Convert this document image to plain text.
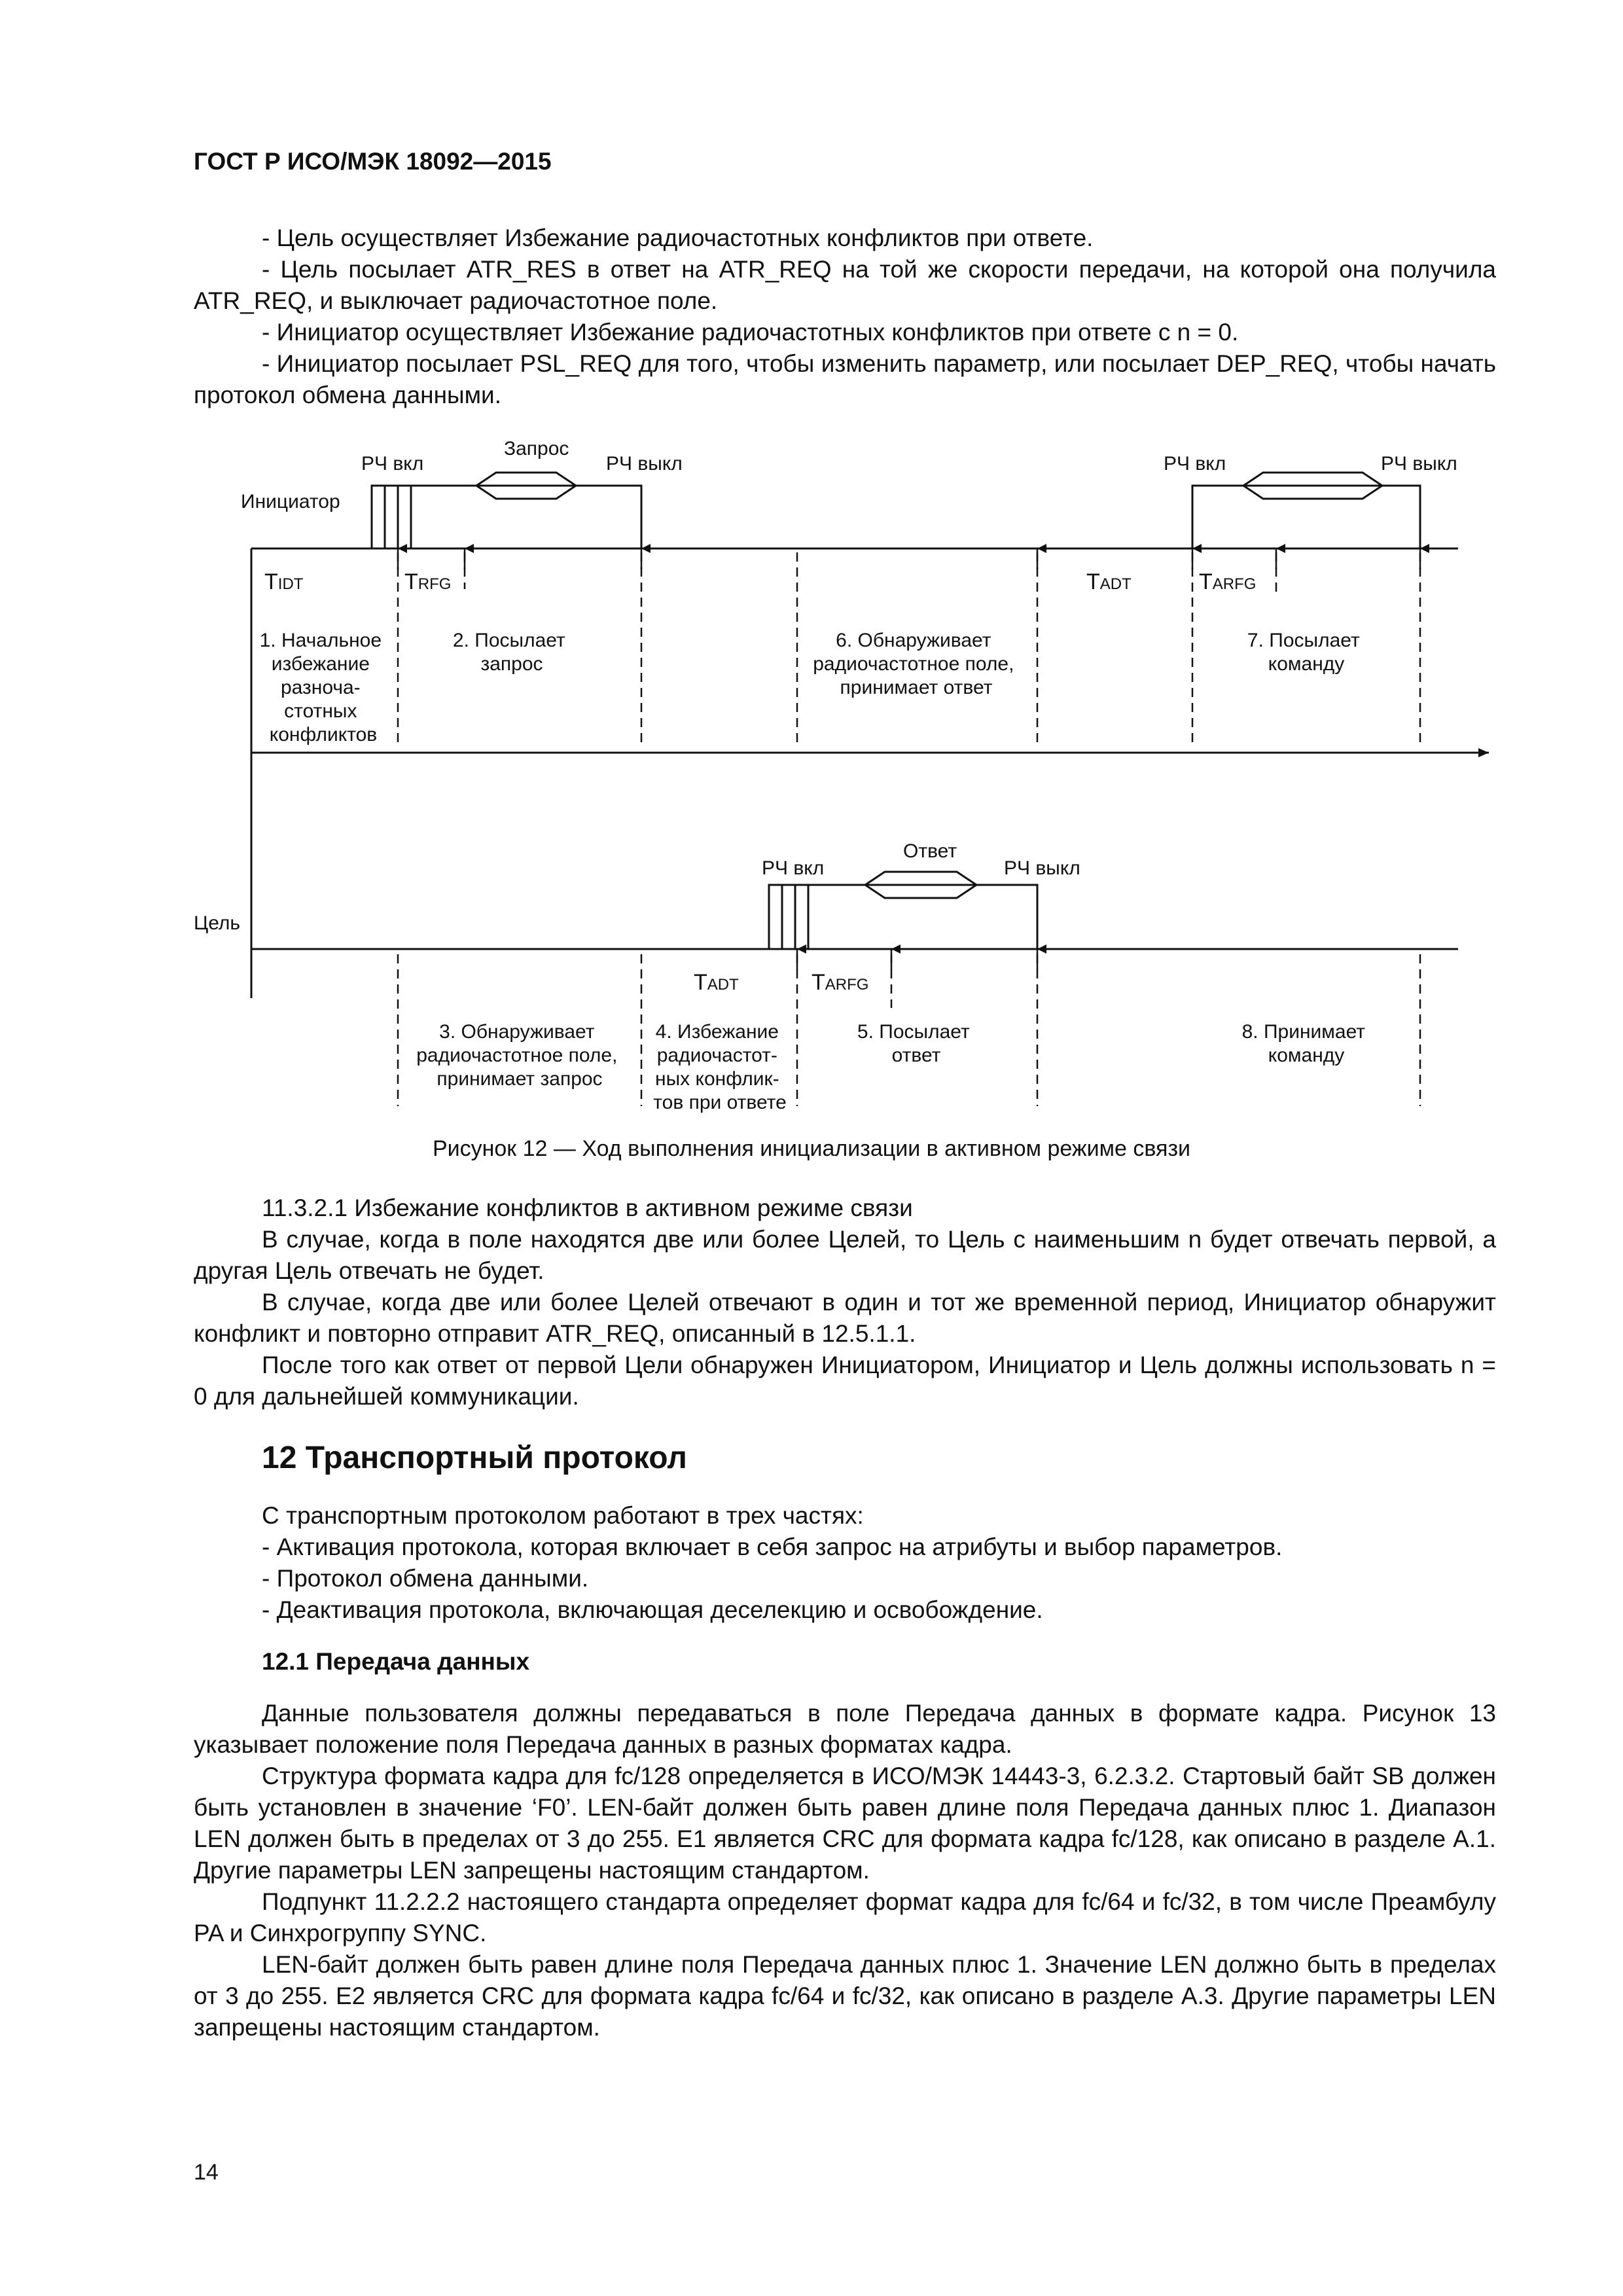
ГОСТ Р ИСО/МЭК 18092—2015

- Цель осуществляет Избежание радиочастотных конфликтов при ответе.

- Цель посылает ATR_RES в ответ на ATR_REQ на той же скорости передачи, на которой она получила ATR_REQ, и выключает радиочастотное поле.

- Инициатор осуществляет Избежание радиочастотных конфликтов при ответе с n = 0.

- Инициатор посылает PSL_REQ для того, чтобы изменить параметр, или посылает DEP_REQ, чтобы начать протокол обмена данными.

Инициатор
Цель
РЧ вкл
Запрос
РЧ выкл	РЧ вкл	РЧ выкл
РЧ вкл
Ответ
РЧ выкл
TIDT	TRFG	TADT	TARFG
TADT	TARFG
1. Начальное избежание разноча- стотных конфликтов
2. Посылает запрос
6. Обнаруживает радиочастотное поле, принимает ответ
7. Посылает команду
3. Обнаруживает радиочастотное поле, принимает запрос
4. Избежание радиочастот- ных конфлик- тов при ответе
5. Посылает ответ
8. Принимает команду
Рисунок 12 — Ход выполнения инициализации в активном режиме связи

11.3.2.1 Избежание конфликтов в активном режиме связи

В случае, когда в поле находятся две или более Целей, то Цель с наименьшим n будет отвечать первой, а другая Цель отвечать не будет.

В случае, когда две или более Целей отвечают в один и тот же временной период, Инициатор обнаружит конфликт и повторно отправит ATR_REQ, описанный в 12.5.1.1.

После того как ответ от первой Цели обнаружен Инициатором, Инициатор и Цель должны использовать n = 0 для дальнейшей коммуникации.

12 Транспортный протокол

С транспортным протоколом работают в трех частях:

- Активация протокола, которая включает в себя запрос на атрибуты и выбор параметров.

- Протокол обмена данными.

- Деактивация протокола, включающая деселекцию и освобождение.

12.1 Передача данных

Данные пользователя должны передаваться в поле Передача данных в формате кадра. Рисунок 13 указывает положение поля Передача данных в разных форматах кадра.

Структура формата кадра для fc/128 определяется в ИСО/МЭК 14443-3, 6.2.3.2. Стартовый байт SB должен быть установлен в значение ‘F0’. LEN-байт должен быть равен длине поля Передача данных плюс 1. Диапазон LEN должен быть в пределах от 3 до 255. E1 является CRC для формата кадра fc/128, как описано в разделе A.1. Другие параметры LEN запрещены настоящим стандартом.

Подпункт 11.2.2.2 настоящего стандарта определяет формат кадра для fc/64 и fc/32, в том числе Преамбулу PA и Синхрогруппу SYNC.

LEN-байт должен быть равен длине поля Передача данных плюс 1. Значение LEN должно быть в пределах от 3 до 255. E2 является CRC для формата кадра fc/64 и fc/32, как описано в разделе A.3. Другие параметры LEN запрещены настоящим стандартом.

14
